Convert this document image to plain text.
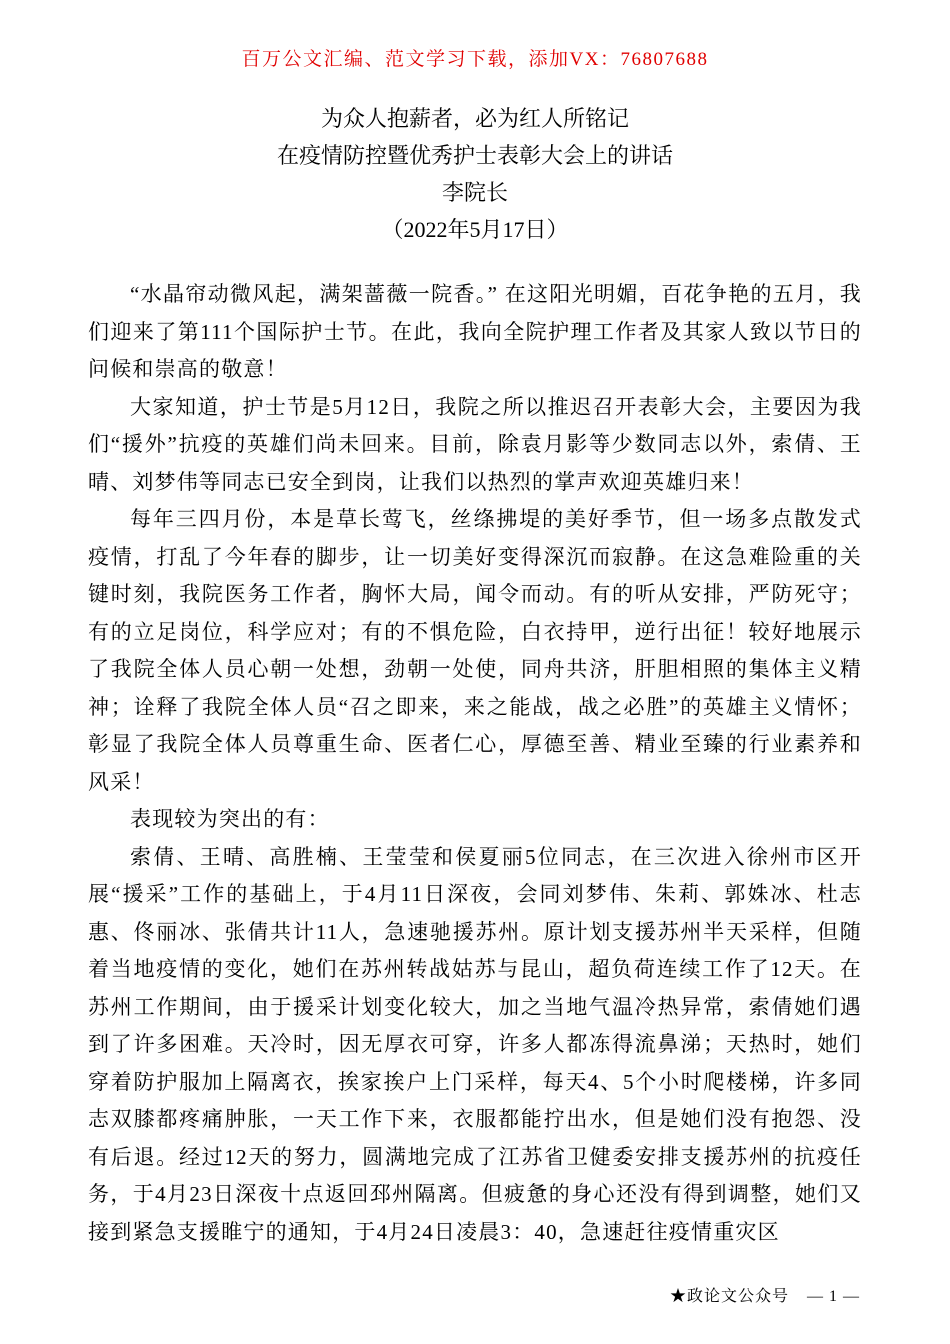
百万公文汇编、范文学习下载，添加VX：76807688
为众人抱薪者，必为红人所铭记
在疫情防控暨优秀护士表彰大会上的讲话
李院长
（2022年5月17日）

“水晶帘动微风起，满架蔷薇一院香。” 在这阳光明媚，百花争艳的五月，我们迎来了第111个国际护士节。在此，我向全院护理工作者及其家人致以节日的问候和崇高的敬意！

大家知道，护士节是5月12日，我院之所以推迟召开表彰大会，主要因为我们“援外”抗疫的英雄们尚未回来。目前，除袁月影等少数同志以外，索倩、王晴、刘梦伟等同志已安全到岗，让我们以热烈的掌声欢迎英雄归来！

每年三四月份，本是草长莺飞，丝绦拂堤的美好季节，但一场多点散发式疫情，打乱了今年春的脚步，让一切美好变得深沉而寂静。在这急难险重的关键时刻，我院医务工作者，胸怀大局，闻令而动。有的听从安排，严防死守；有的立足岗位，科学应对；有的不惧危险，白衣持甲，逆行出征！较好地展示了我院全体人员心朝一处想，劲朝一处使，同舟共济，肝胆相照的集体主义精神；诠释了我院全体人员“召之即来，来之能战，战之必胜”的英雄主义情怀；彰显了我院全体人员尊重生命、医者仁心，厚德至善、精业至臻的行业素养和风采！

表现较为突出的有：

索倩、王晴、高胜楠、王莹莹和侯夏丽5位同志，在三次进入徐州市区开展“援采”工作的基础上，于4月11日深夜，会同刘梦伟、朱莉、郭姝冰、杜志惠、佟丽冰、张倩共计11人，急速驰援苏州。原计划支援苏州半天采样，但随着当地疫情的变化，她们在苏州转战姑苏与昆山，超负荷连续工作了12天。在苏州工作期间，由于援采计划变化较大，加之当地气温冷热异常，索倩她们遇到了许多困难。天冷时，因无厚衣可穿，许多人都冻得流鼻涕；天热时，她们穿着防护服加上隔离衣，挨家挨户上门采样，每天4、5个小时爬楼梯，许多同志双膝都疼痛肿胀，一天工作下来，衣服都能拧出水，但是她们没有抱怨、没有后退。经过12天的努力，圆满地完成了江苏省卫健委安排支援苏州的抗疫任务，于4月23日深夜十点返回邳州隔离。但疲惫的身心还没有得到调整，她们又接到紧急支援睢宁的通知，于4月24日凌晨3：40，急速赶往疫情重灾区

★政论文公众号 — 1 —
